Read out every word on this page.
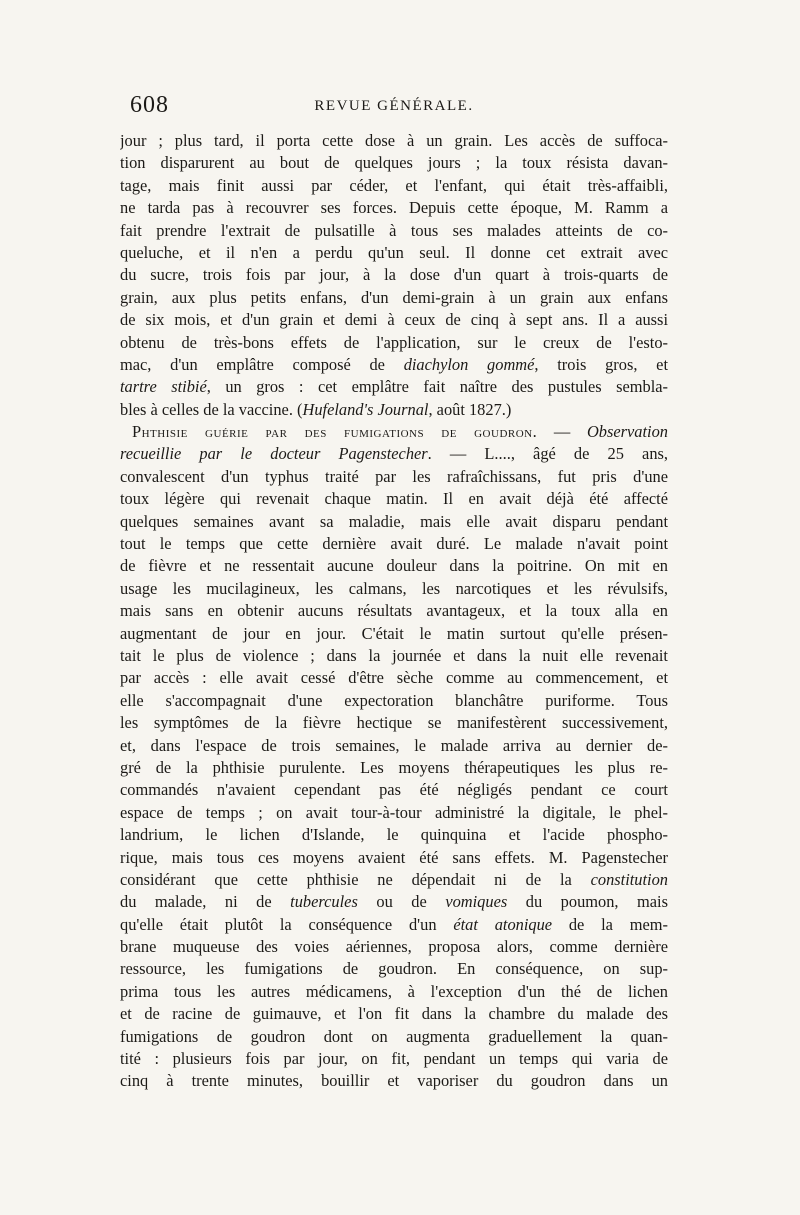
608	REVUE GÉNÉRALE.
jour ; plus tard, il porta cette dose à un grain. Les accès de suffoca-
tion disparurent au bout de quelques jours ; la toux résista davan-
tage, mais finit aussi par céder, et l'enfant, qui était très-affaibli,
ne tarda pas à recouvrer ses forces. Depuis cette époque, M. Ramm a
fait prendre l'extrait de pulsatille à tous ses malades atteints de co-
queluche, et il n'en a perdu qu'un seul. Il donne cet extrait avec
du sucre, trois fois par jour, à la dose d'un quart à trois-quarts de
grain, aux plus petits enfans, d'un demi-grain à un grain aux enfans
de six mois, et d'un grain et demi à ceux de cinq à sept ans. Il a aussi
obtenu de très-bons effets de l'application, sur le creux de l'esto-
mac, d'un emplâtre composé de diachylon gommé, trois gros, et
tartre stibié, un gros : cet emplâtre fait naître des pustules sembla-
bles à celles de la vaccine. (Hufeland's Journal, août 1827.)
Phthisie guérie par des fumigations de goudron. — Observation
recueillie par le docteur Pagenstecher. — L...., âgé de 25 ans,
convalescent d'un typhus traité par les rafraîchissans, fut pris d'une
toux légère qui revenait chaque matin. Il en avait déjà été affecté
quelques semaines avant sa maladie, mais elle avait disparu pendant
tout le temps que cette dernière avait duré. Le malade n'avait point
de fièvre et ne ressentait aucune douleur dans la poitrine. On mit en
usage les mucilagineux, les calmans, les narcotiques et les révulsifs,
mais sans en obtenir aucuns résultats avantageux, et la toux alla en
augmentant de jour en jour. C'était le matin surtout qu'elle présen-
tait le plus de violence ; dans la journée et dans la nuit elle revenait
par accès : elle avait cessé d'être sèche comme au commencement, et
elle s'accompagnait d'une expectoration blanchâtre puriforme. Tous
les symptômes de la fièvre hectique se manifestèrent successivement,
et, dans l'espace de trois semaines, le malade arriva au dernier de-
gré de la phthisie purulente. Les moyens thérapeutiques les plus re-
commandés n'avaient cependant pas été négligés pendant ce court
espace de temps ; on avait tour-à-tour administré la digitale, le phel-
landrium, le lichen d'Islande, le quinquina et l'acide phospho-
rique, mais tous ces moyens avaient été sans effets. M. Pagenstecher
considérant que cette phthisie ne dépendait ni de la constitution
du malade, ni de tubercules ou de vomiques du poumon, mais
qu'elle était plutôt la conséquence d'un état atonique de la mem-
brane muqueuse des voies aériennes, proposa alors, comme dernière
ressource, les fumigations de goudron. En conséquence, on sup-
prima tous les autres médicamens, à l'exception d'un thé de lichen
et de racine de guimauve, et l'on fit dans la chambre du malade des
fumigations de goudron dont on augmenta graduellement la quan-
tité : plusieurs fois par jour, on fit, pendant un temps qui varia de
cinq à trente minutes, bouillir et vaporiser du goudron dans un
